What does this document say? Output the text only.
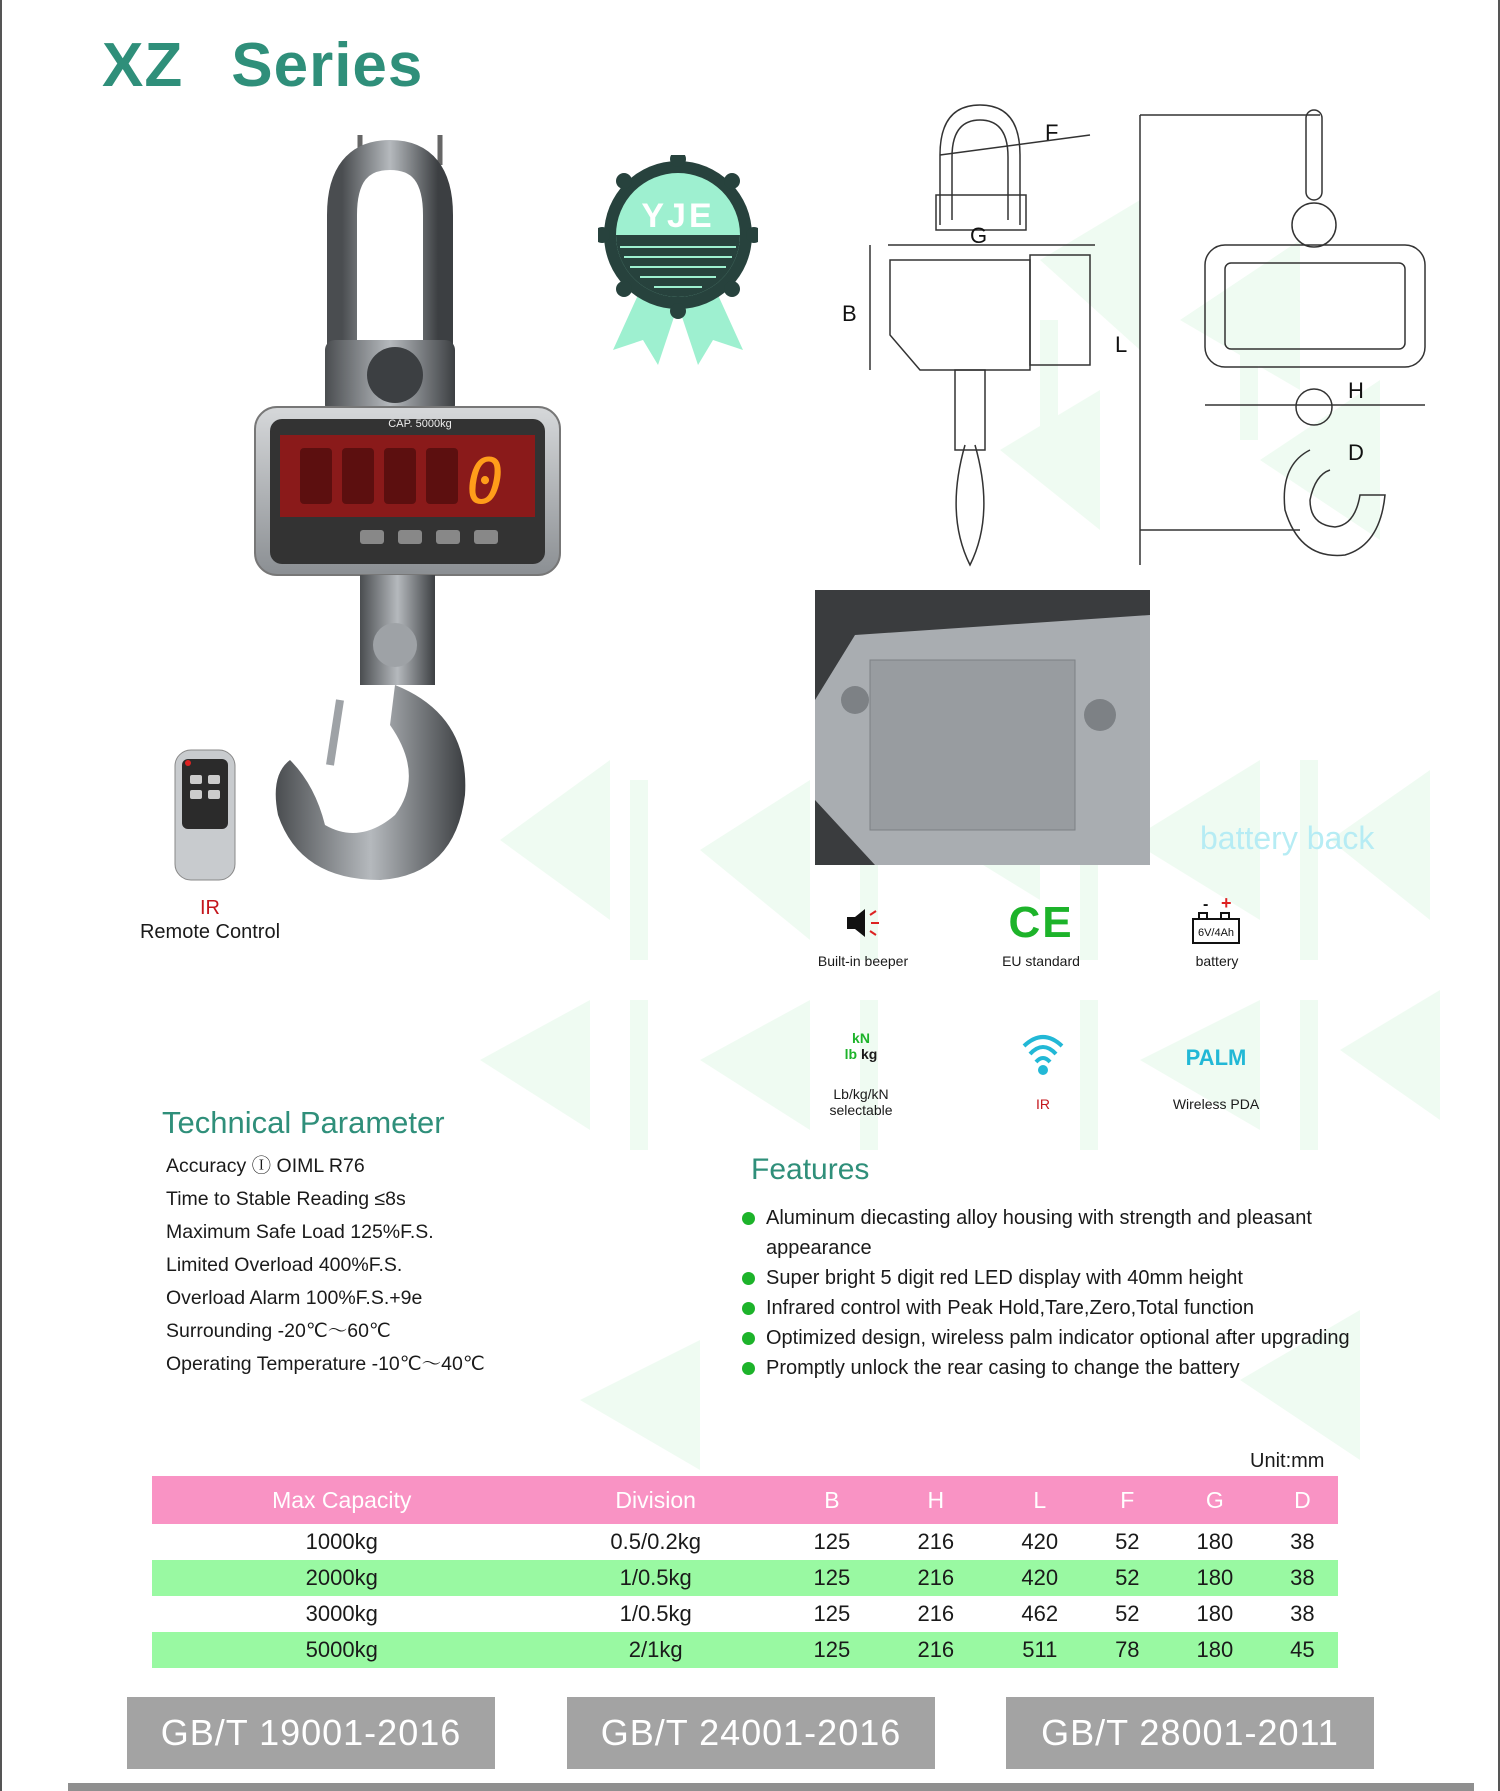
XZ Series
CAP. 5000kg
0
IR
Remote Control
YJE
F
G
B
L
H
D
battery back
Built-in beeper
CE
EU standard
- +
6V/4Ah
battery
kN
lb kg
Lb/kg/kN
selectable	IR
PALM
Wireless PDA
Technical Parameter
Accuracy Ⓘ OIML R76
Time to Stable Reading ≤8s
Maximum Safe Load 125%F.S.
Limited Overload 400%F.S.
Overload Alarm 100%F.S.+9e
Surrounding -20℃～60℃
Operating Temperature -10℃～40℃
Features
Aluminum diecasting alloy housing with strength and pleasant appearance
Super bright 5 digit red LED display with 40mm height
Infrared control with Peak Hold,Tare,Zero,Total function
Optimized design, wireless palm indicator optional after upgrading
Promptly unlock the rear casing to change the battery
Unit:mm
Max Capacity	Division	B	H	L	F	G	D
1000kg	0.5/0.2kg	125	216	420	52	180	38
2000kg	1/0.5kg	125	216	420	52	180	38
3000kg	1/0.5kg	125	216	462	52	180	38
5000kg	2/1kg	125	216	511	78	180	45
GB/T 19001-2016	GB/T 24001-2016	GB/T 28001-2011
